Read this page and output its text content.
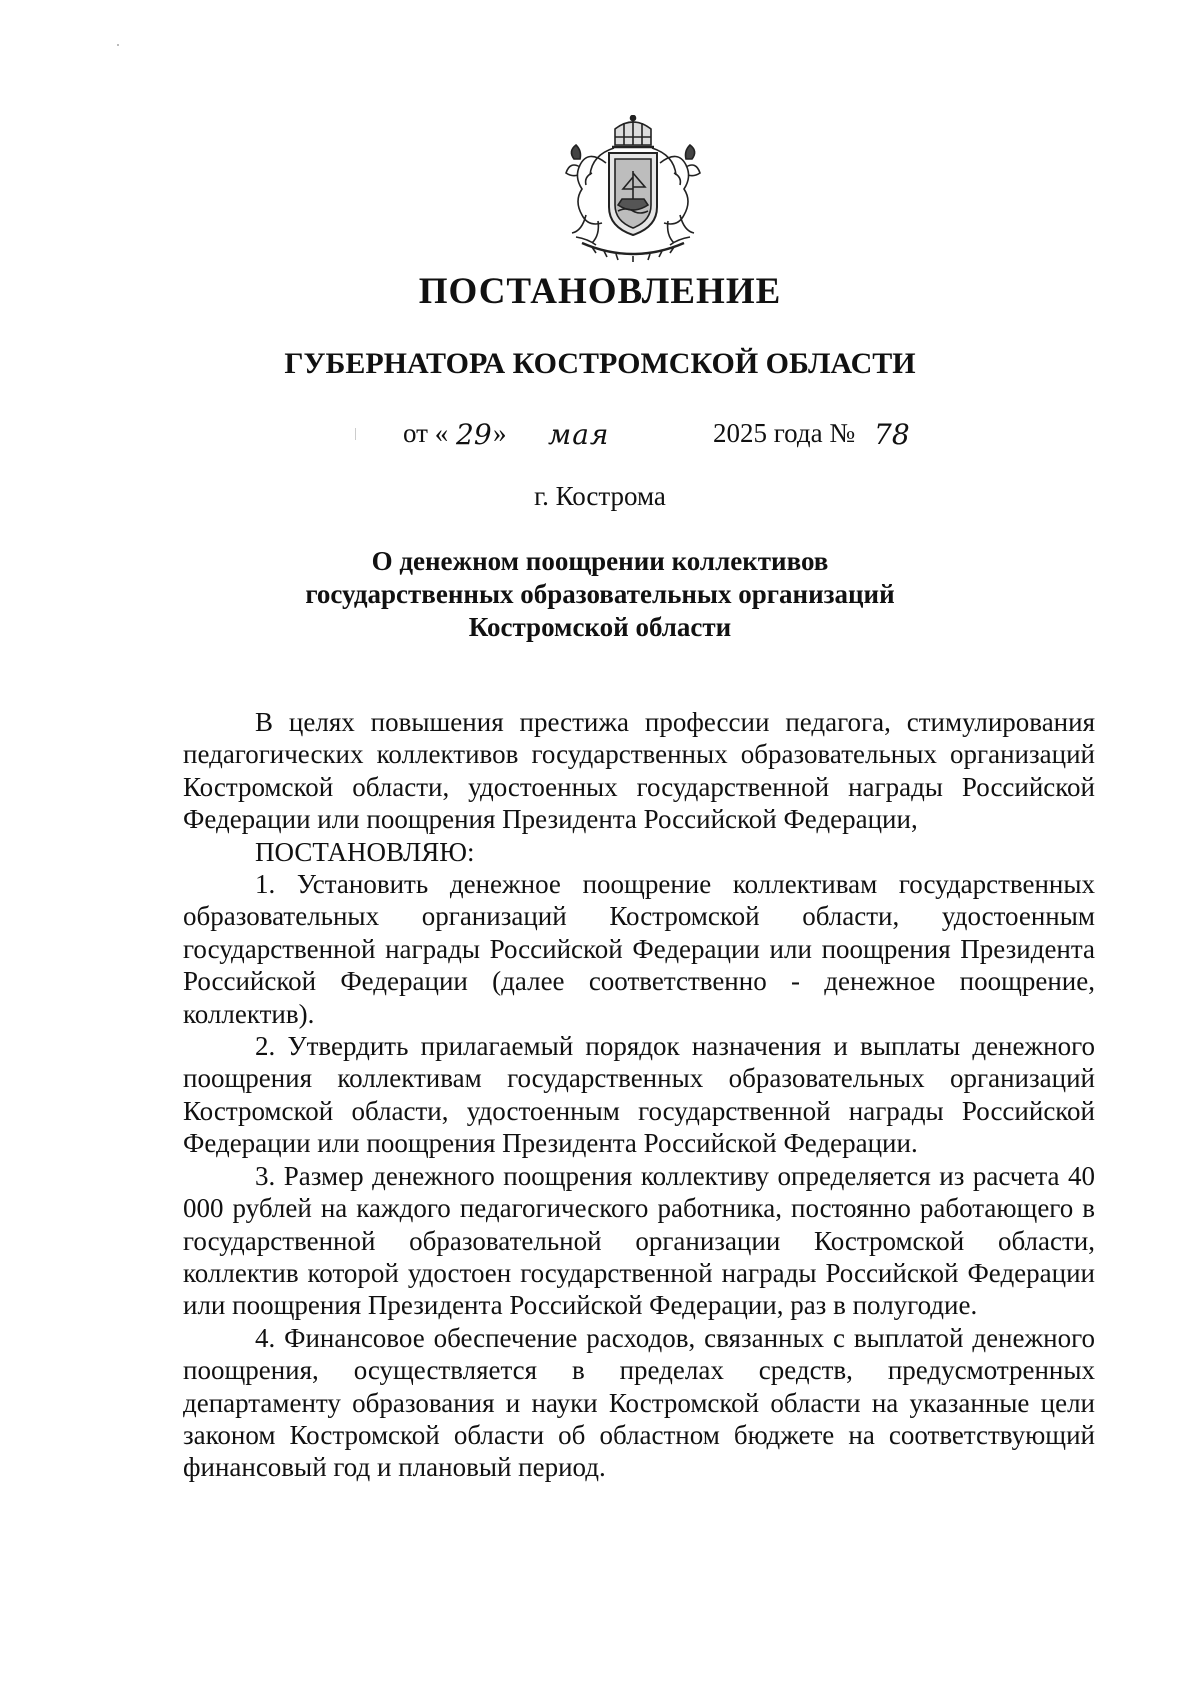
ПОСТАНОВЛЕНИЕ
ГУБЕРНАТОРА КОСТРОМСКОЙ ОБЛАСТИ
от « 29 » мая	2025 года № 78
г. Кострома
О денежном поощрении коллективов
государственных образовательных организаций
Костромской области

В целях повышения престижа профессии педагога, стимулирования педагогических коллективов государственных образовательных организаций Костромской области, удостоенных государственной награды Российской Федерации или поощрения Президента Российской Федерации,

ПОСТАНОВЛЯЮ:

1. Установить денежное поощрение коллективам государственных образовательных организаций Костромской области, удостоенным государственной награды Российской Федерации или поощрения Президента Российской Федерации (далее соответственно - денежное поощрение, коллектив).

2. Утвердить прилагаемый порядок назначения и выплаты денежного поощрения коллективам государственных образовательных организаций Костромской области, удостоенным государственной награды Российской Федерации или поощрения Президента Российской Федерации.

3. Размер денежного поощрения коллективу определяется из расчета 40 000 рублей на каждого педагогического работника, постоянно работающего в государственной образовательной организации Костромской области, коллектив которой удостоен государственной награды Российской Федерации или поощрения Президента Российской Федерации, раз в полугодие.

4. Финансовое обеспечение расходов, связанных с выплатой денежного поощрения, осуществляется в пределах средств, предусмотренных департаменту образования и науки Костромской области на указанные цели законом Костромской области об областном бюджете на соответствующий финансовый год и плановый период.
